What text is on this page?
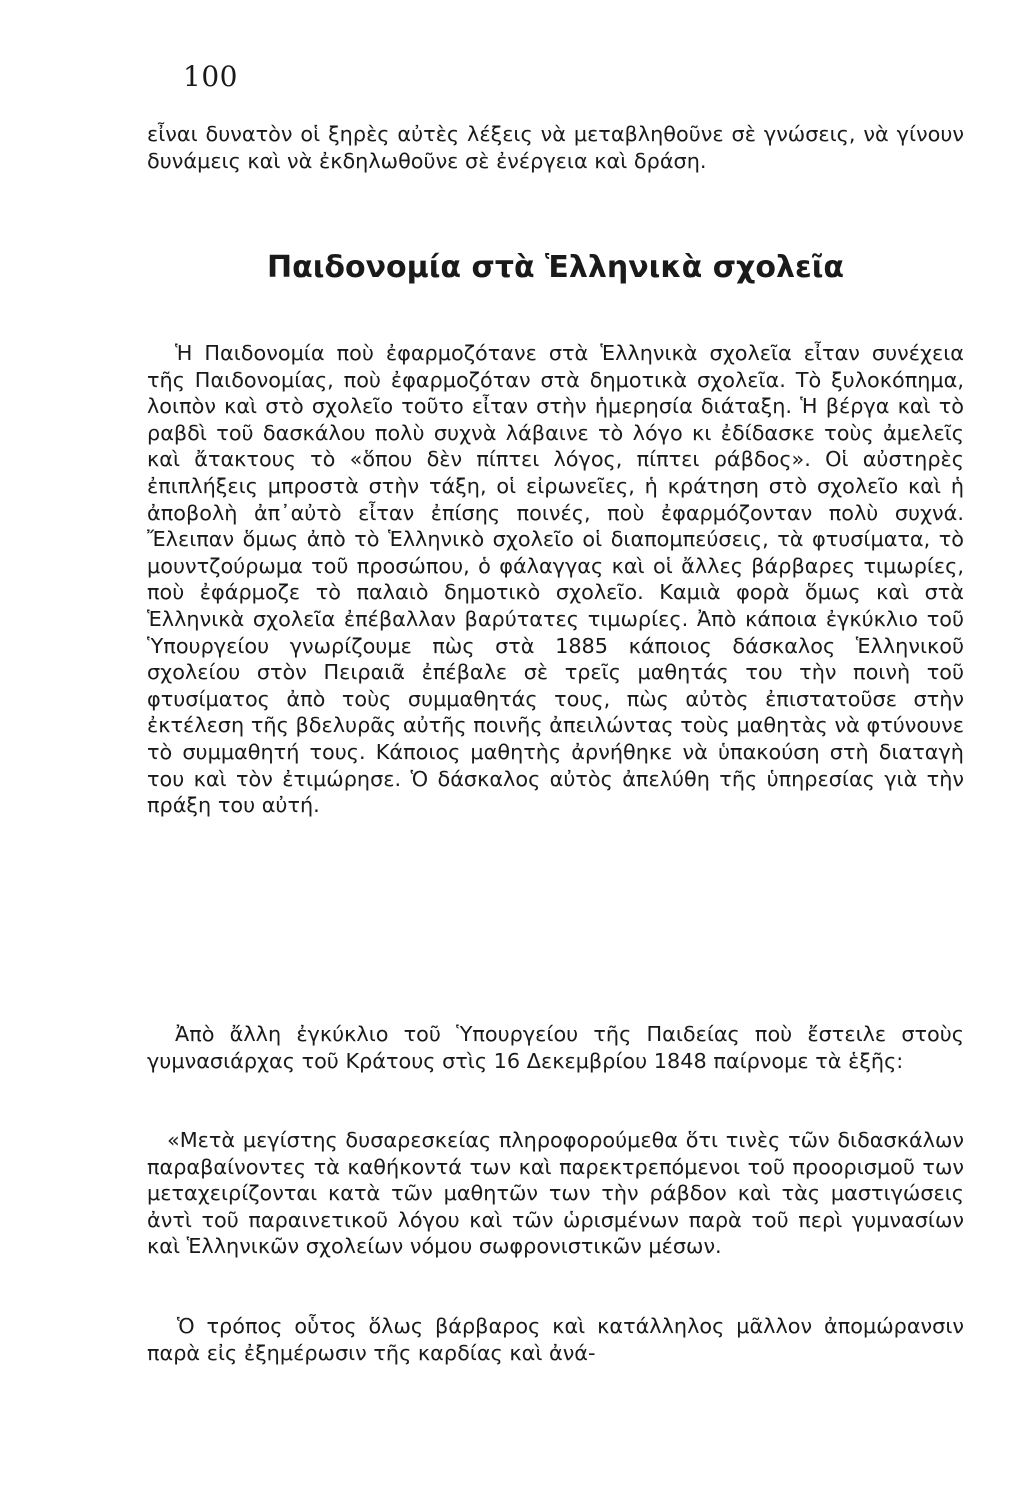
100

εἶναι δυνατὸν οἱ ξηρὲς αὐτὲς λέξεις νὰ μεταβληθοῦνε σὲ γνώσεις, νὰ γίνουν δυνάμεις καὶ νὰ ἐκδηλωθοῦνε σὲ ἐνέργεια καὶ δράση.

Παιδονομία στὰ Ἑλληνικὰ σχολεῖα

Ἡ Παιδονομία ποὺ ἐφαρμοζότανε στὰ Ἑλληνικὰ σχολεῖα εἶταν συνέχεια τῆς Παιδονομίας, ποὺ ἐφαρμοζόταν στὰ δημοτικὰ σχολεῖα. Τὸ ξυλοκόπημα, λοιπὸν καὶ στὸ σχολεῖο τοῦτο εἶταν στὴν ἡμερησία διάταξη. Ἡ βέργα καὶ τὸ ραβδὶ τοῦ δασκάλου πολὺ συχνὰ λάβαινε τὸ λόγο κι ἐδίδασκε τοὺς ἀμελεῖς καὶ ἄτακτους τὸ «ὅπου δὲν πίπτει λόγος, πίπτει ράβδος». Οἱ αὐστηρὲς ἐπιπλήξεις μπροστὰ στὴν τάξη, οἱ εἰρωνεῖες, ἡ κράτηση στὸ σχολεῖο καὶ ἡ ἀποβολὴ ἀπ᾿αὐτὸ εἶταν ἐπίσης ποινές, ποὺ ἐφαρμόζονταν πολὺ συχνά. Ἔλειπαν ὅμως ἀπὸ τὸ Ἑλληνικὸ σχολεῖο οἱ διαπομπεύσεις, τὰ φτυσίματα, τὸ μουντζούρωμα τοῦ προσώπου, ὁ φάλαγγας καὶ οἱ ἄλλες βάρβαρες τιμωρίες, ποὺ ἐφάρμοζε τὸ παλαιὸ δημοτικὸ σχολεῖο. Καμιὰ φορὰ ὅμως καὶ στὰ Ἑλληνικὰ σχολεῖα ἐπέβαλλαν βαρύτατες τιμωρίες. Ἀπὸ κάποια ἐγκύκλιο τοῦ Ὑπουργείου γνωρίζουμε πὼς στὰ 1885 κάποιος δάσκαλος Ἑλληνικοῦ σχολείου στὸν Πειραιᾶ ἐπέβαλε σὲ τρεῖς μαθητάς του τὴν ποινὴ τοῦ φτυσίματος ἀπὸ τοὺς συμμαθητάς τους, πὼς αὐτὸς ἐπιστατοῦσε στὴν ἐκτέλεση τῆς βδελυρᾶς αὐτῆς ποινῆς ἀπειλώντας τοὺς μαθητὰς νὰ φτύνουνε τὸ συμμαθητή τους. Κάποιος μαθητὴς ἀρνήθηκε νὰ ὑπακούση στὴ διαταγὴ του καὶ τὸν ἐτιμώρησε. Ὁ δάσκαλος αὐτὸς ἀπελύθη τῆς ὑπηρεσίας γιὰ τὴν πράξη του αὐτή.

Ἀπὸ ἄλλη ἐγκύκλιο τοῦ Ὑπουργείου τῆς Παιδείας ποὺ ἔστειλε στοὺς γυμνασιάρχας τοῦ Κράτους στὶς 16 Δεκεμβρίου 1848 παίρνομε τὰ ἑξῆς:

«Μετὰ μεγίστης δυσαρεσκείας πληροφορούμεθα ὅτι τινὲς τῶν διδασκάλων παραβαίνοντες τὰ καθήκοντά των καὶ παρεκτρεπόμενοι τοῦ προορισμοῦ των μεταχειρίζονται κατὰ τῶν μαθητῶν των τὴν ράβδον καὶ τὰς μαστιγώσεις ἀντὶ τοῦ παραινετικοῦ λόγου καὶ τῶν ὡρισμένων παρὰ τοῦ περὶ γυμνασίων καὶ Ἑλληνικῶν σχολείων νόμου σωφρονιστικῶν μέσων.

Ὁ τρόπος οὗτος ὅλως βάρβαρος καὶ κατάλληλος μᾶλλον ἀπομώρανσιν παρὰ εἰς ἐξημέρωσιν τῆς καρδίας καὶ ἀνά-
